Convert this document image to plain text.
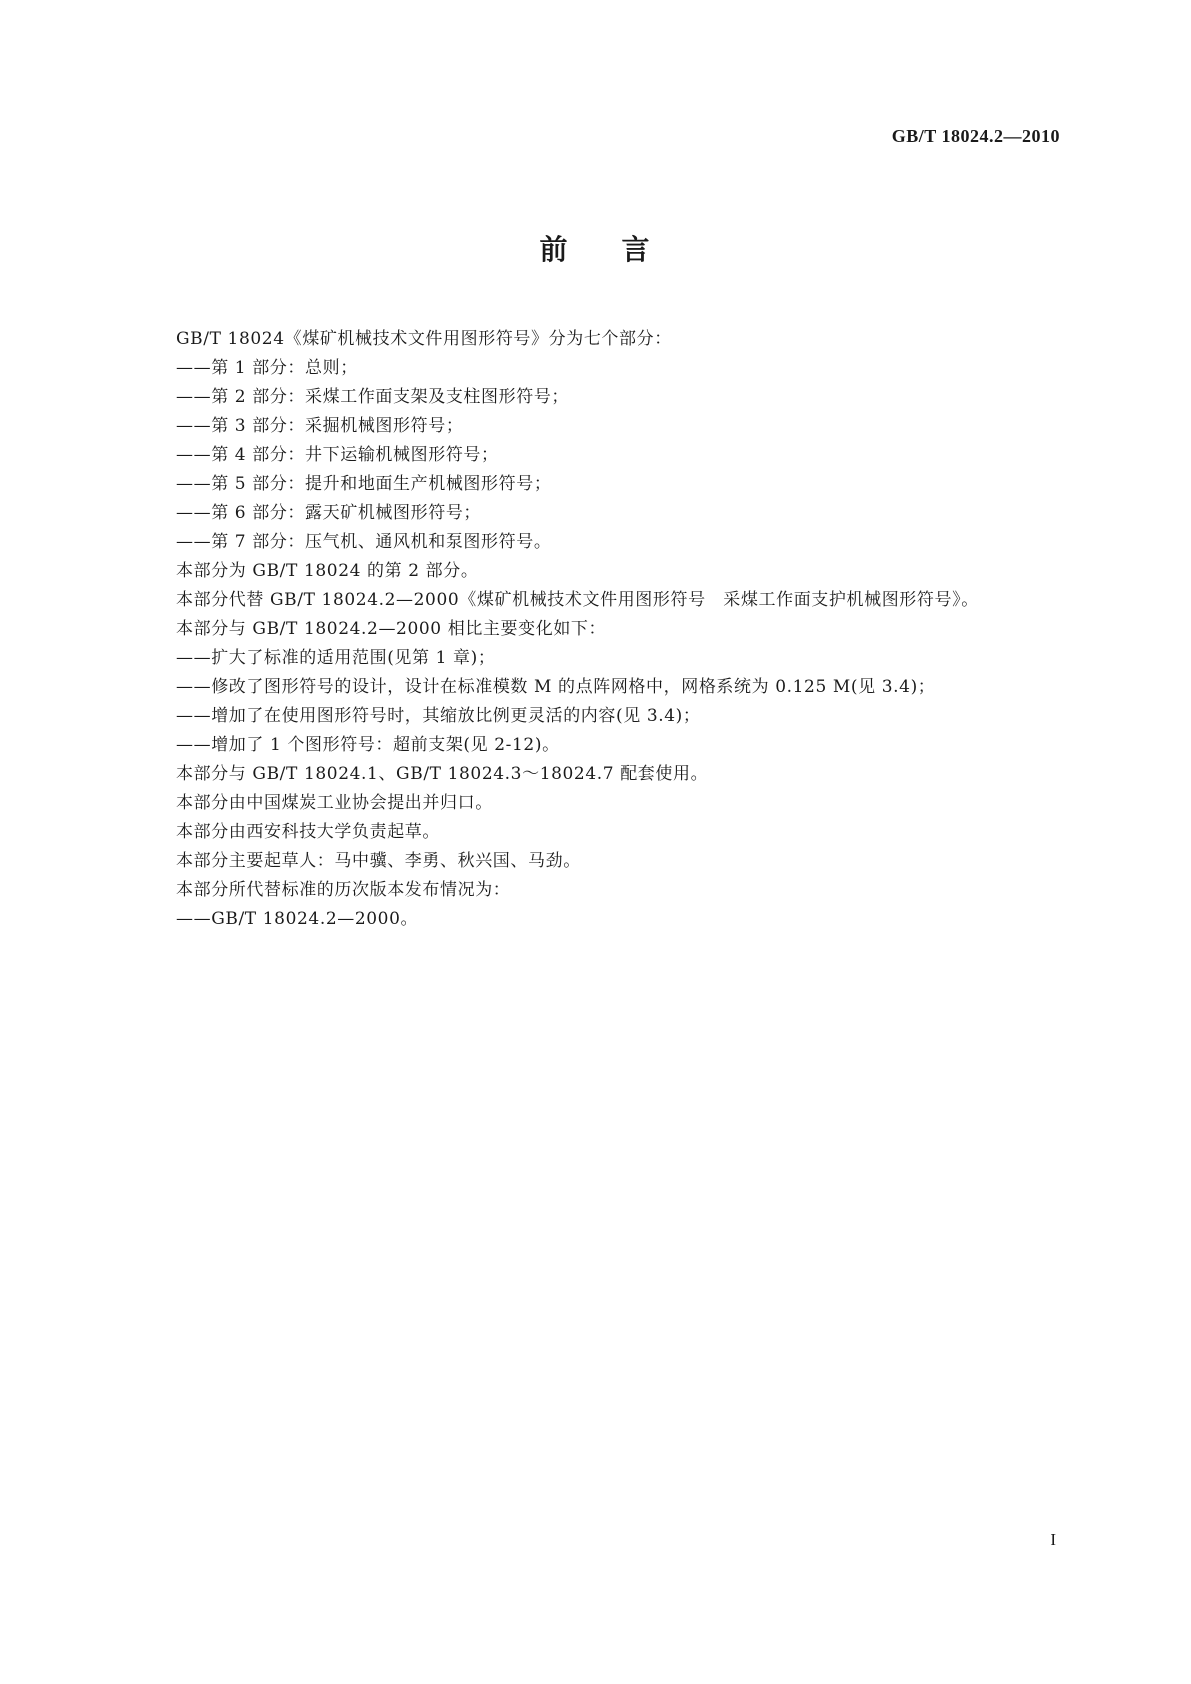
GB/T 18024.2—2010
前 言
GB/T 18024《煤矿机械技术文件用图形符号》分为七个部分：
——第 1 部分：总则；
——第 2 部分：采煤工作面支架及支柱图形符号；
——第 3 部分：采掘机械图形符号；
——第 4 部分：井下运输机械图形符号；
——第 5 部分：提升和地面生产机械图形符号；
——第 6 部分：露天矿机械图形符号；
——第 7 部分：压气机、通风机和泵图形符号。
本部分为 GB/T 18024 的第 2 部分。
本部分代替 GB/T 18024.2—2000《煤矿机械技术文件用图形符号　采煤工作面支护机械图形符号》。
本部分与 GB/T 18024.2—2000 相比主要变化如下：
——扩大了标准的适用范围(见第 1 章)；
——修改了图形符号的设计，设计在标准模数 M 的点阵网格中，网格系统为 0.125 M(见 3.4)；
——增加了在使用图形符号时，其缩放比例更灵活的内容(见 3.4)；
——增加了 1 个图形符号：超前支架(见 2-12)。
本部分与 GB/T 18024.1、GB/T 18024.3～18024.7 配套使用。
本部分由中国煤炭工业协会提出并归口。
本部分由西安科技大学负责起草。
本部分主要起草人：马中骥、李勇、秋兴国、马劲。
本部分所代替标准的历次版本发布情况为：
——GB/T 18024.2—2000。
I
